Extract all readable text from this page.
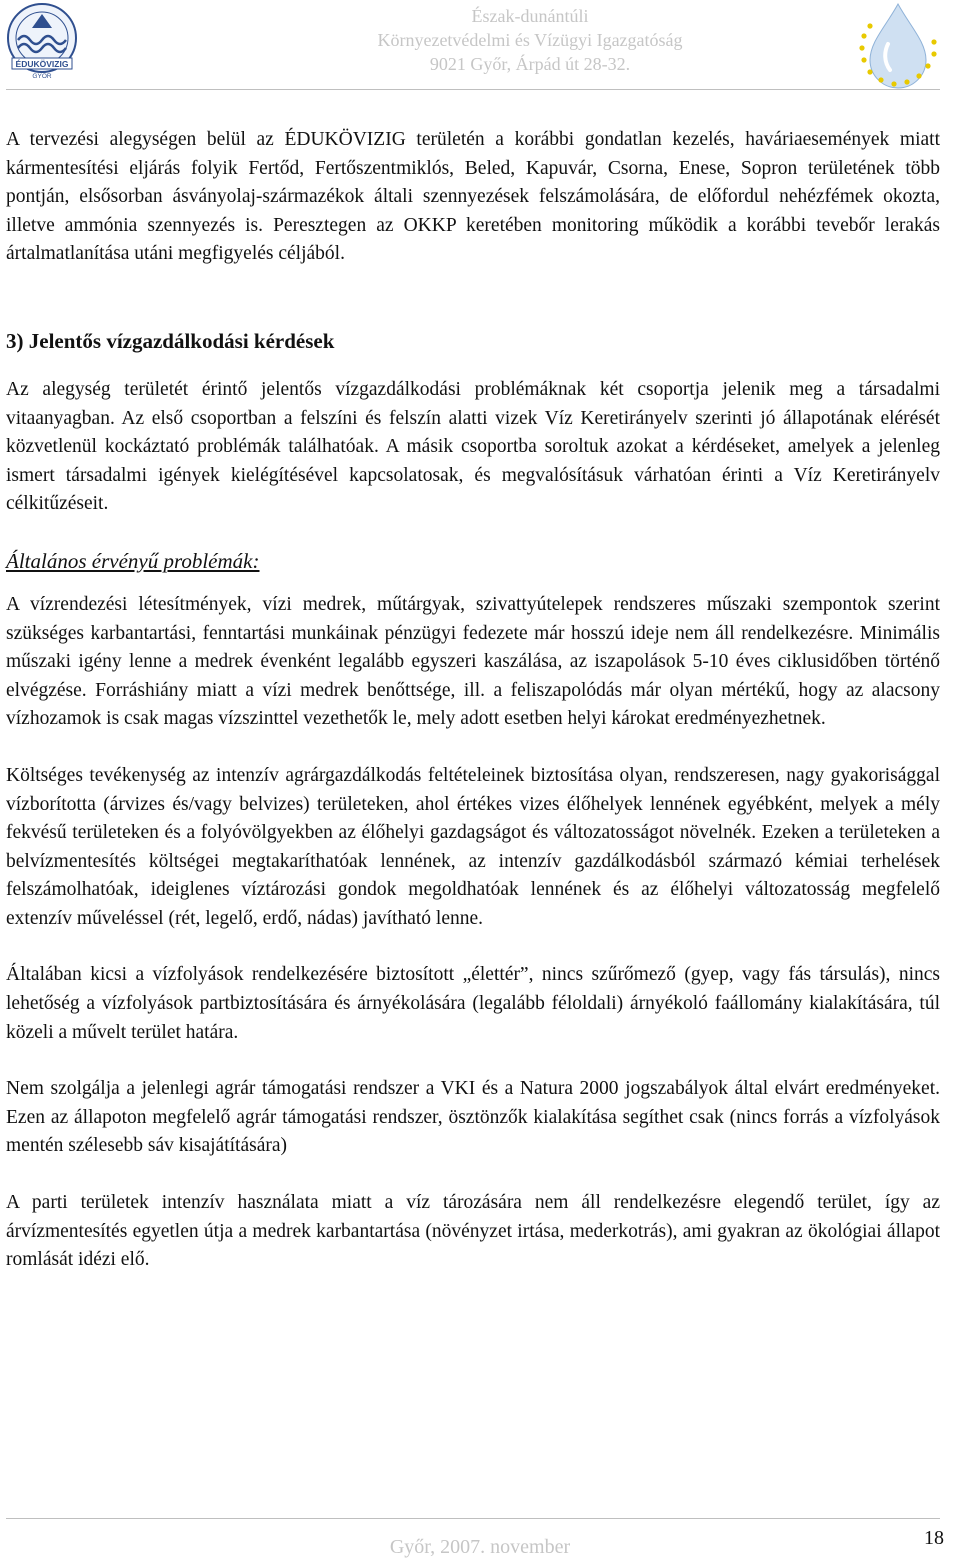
ÉDUKÖVIZIG
GYŐR
Észak-dunántúli
Környezetvédelmi és Vízügyi Igazgatóság
9021 Győr, Árpád út 28-32.

A tervezési alegységen belül az ÉDUKÖVIZIG területén a korábbi gondatlan kezelés, haváriaesemények miatt kármentesítési eljárás folyik Fertőd, Fertőszentmiklós, Beled, Kapuvár, Csorna, Enese, Sopron területének több pontján, elsősorban ásványolaj-származékok általi szennyezések felszámolására, de előfordul nehézfémek okozta, illetve ammónia szennyezés is. Peresztegen az OKKP keretében monitoring működik a korábbi tevebőr lerakás ártalmatlanítása utáni megfigyelés céljából.

3) Jelentős vízgazdálkodási kérdések

Az alegység területét érintő jelentős vízgazdálkodási problémáknak két csoportja jelenik meg a társadalmi vitaanyagban. Az első csoportban a felszíni és felszín alatti vizek Víz Keretirányelv szerinti jó állapotának elérését közvetlenül kockáztató problémák találhatóak. A másik csoportba soroltuk azokat a kérdéseket, amelyek a jelenleg ismert társadalmi igények kielégítésével kapcsolatosak, és megvalósításuk várhatóan érinti a Víz Keretirányelv célkitűzéseit.

Általános érvényű problémák:

A vízrendezési létesítmények, vízi medrek, műtárgyak, szivattyútelepek rendszeres műszaki szempontok szerint szükséges karbantartási, fenntartási munkáinak pénzügyi fedezete már hosszú ideje nem áll rendelkezésre. Minimális műszaki igény lenne a medrek évenként legalább egyszeri kaszálása, az iszapolások 5-10 éves ciklusidőben történő elvégzése. Forráshiány miatt a vízi medrek benőttsége, ill. a feliszapolódás már olyan mértékű, hogy az alacsony vízhozamok is csak magas vízszinttel vezethetők le, mely adott esetben helyi károkat eredményezhetnek.

Költséges tevékenység az intenzív agrárgazdálkodás feltételeinek biztosítása olyan, rendszeresen, nagy gyakorisággal vízborította (árvizes és/vagy belvizes) területeken, ahol értékes vizes élőhelyek lennének egyébként, melyek a mély fekvésű területeken és a folyóvölgyekben az élőhelyi gazdagságot és változatosságot növelnék. Ezeken a területeken a belvízmentesítés költségei megtakaríthatóak lennének, az intenzív gazdálkodásból származó kémiai terhelések felszámolhatóak, ideiglenes víztározási gondok megoldhatóak lennének és az élőhelyi változatosság megfelelő extenzív műveléssel (rét, legelő, erdő, nádas) javítható lenne.

Általában kicsi a vízfolyások rendelkezésére biztosított „élettér”, nincs szűrőmező (gyep, vagy fás társulás), nincs lehetőség a vízfolyások partbiztosítására és árnyékolására (legalább féloldali) árnyékoló faállomány kialakítására, túl közeli a művelt terület határa.

Nem szolgálja a jelenlegi agrár támogatási rendszer a VKI és a Natura 2000 jogszabályok által elvárt eredményeket. Ezen az állapoton megfelelő agrár támogatási rendszer, ösztönzők kialakítása segíthet csak (nincs forrás a vízfolyások mentén szélesebb sáv kisajátítására)

A parti területek intenzív használata miatt a víz tározására nem áll rendelkezésre elegendő terület, így az árvízmentesítés egyetlen útja a medrek karbantartása (növényzet irtása, mederkotrás), ami gyakran az ökológiai állapot romlását idézi elő.

Győr, 2007. november	18
